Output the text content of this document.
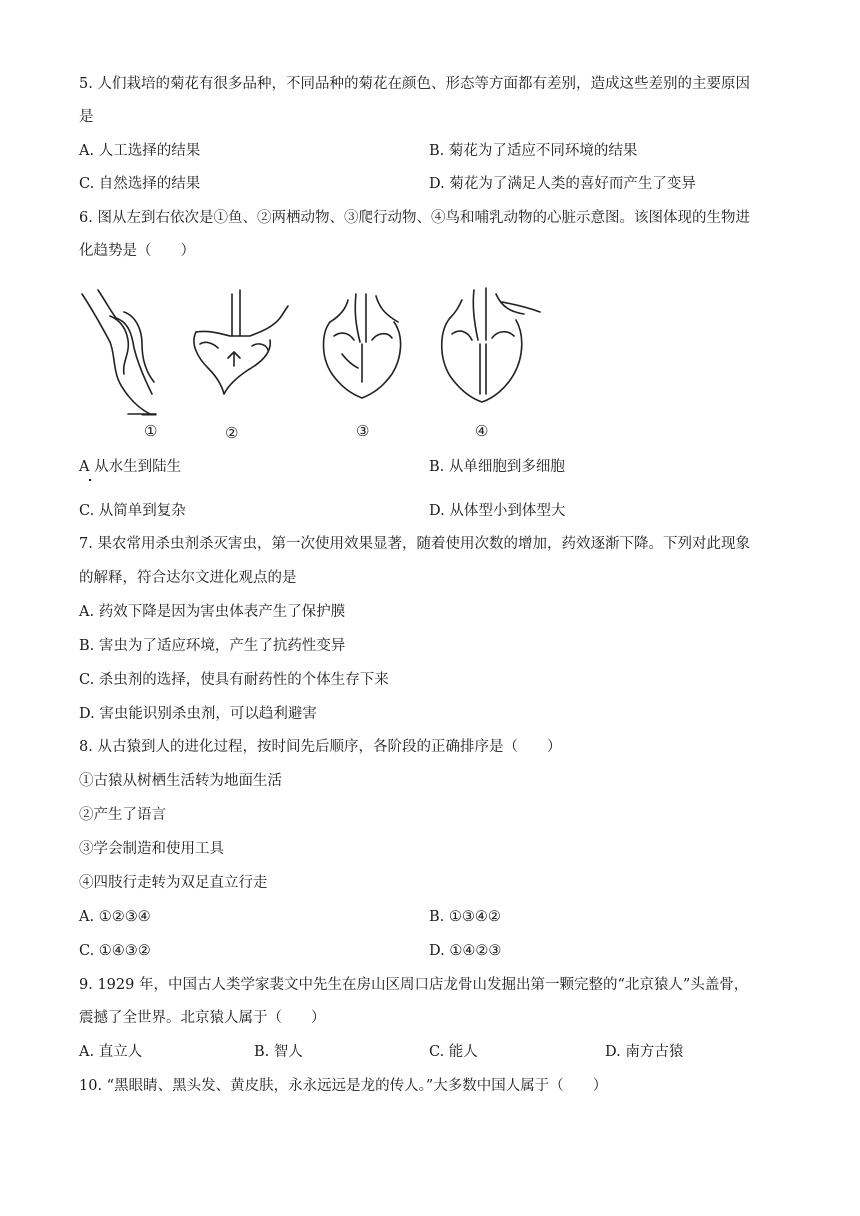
5. 人们栽培的菊花有很多品种，不同品种的菊花在颜色、形态等方面都有差别，造成这些差别的主要原因
是
A. 人工选择的结果	B. 菊花为了适应不同环境的结果
C. 自然选择的结果	D. 菊花为了满足人类的喜好而产生了变异
6. 图从左到右依次是①鱼、②两栖动物、③爬行动物、④鸟和哺乳动物的心脏示意图。该图体现的生物进
化趋势是（　　）
①	②	③	④
A 从水生到陆生	B. 从单细胞到多细胞
C. 从简单到复杂	D. 从体型小到体型大
7. 果农常用杀虫剂杀灭害虫，第一次使用效果显著，随着使用次数的增加，药效逐渐下降。下列对此现象
的解释，符合达尔文进化观点的是
A. 药效下降是因为害虫体表产生了保护膜
B. 害虫为了适应环境，产生了抗药性变异
C. 杀虫剂的选择，使具有耐药性的个体生存下来
D. 害虫能识别杀虫剂，可以趋利避害
8. 从古猿到人的进化过程，按时间先后顺序，各阶段的正确排序是（　　）
①古猿从树栖生活转为地面生活
②产生了语言
③学会制造和使用工具
④四肢行走转为双足直立行走
A. ①②③④	B. ①③④②
C. ①④③②	D. ①④②③
9. 1929 年，中国古人类学家裴文中先生在房山区周口店龙骨山发掘出第一颗完整的“北京猿人”头盖骨，
震撼了全世界。北京猿人属于（　　）
A. 直立人	B. 智人	C. 能人	D. 南方古猿
10. “黑眼睛、黑头发、黄皮肤，永永远远是龙的传人。”大多数中国人属于（　　）
